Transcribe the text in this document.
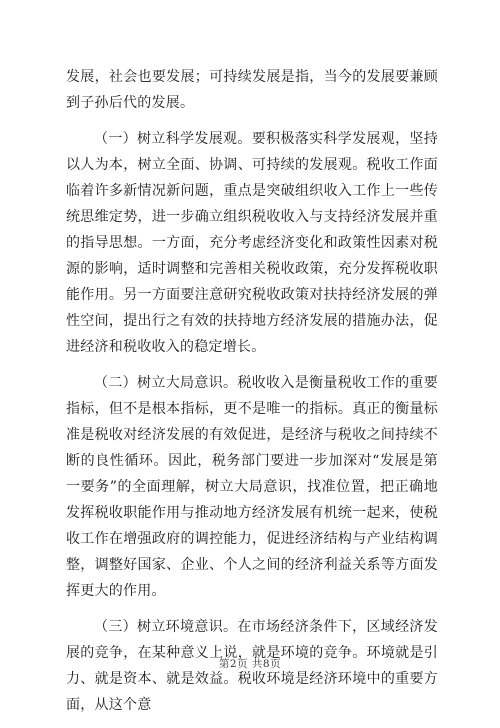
发展，社会也要发展；可持续发展是指，当今的发展要兼顾到子孙后代的发展。

（一）树立科学发展观。要积极落实科学发展观，坚持以人为本，树立全面、协调、可持续的发展观。税收工作面临着许多新情况新问题，重点是突破组织收入工作上一些传统思维定势，进一步确立组织税收收入与支持经济发展并重的指导思想。一方面，充分考虑经济变化和政策性因素对税源的影响，适时调整和完善相关税收政策，充分发挥税收职能作用。另一方面要注意研究税收政策对扶持经济发展的弹性空间，提出行之有效的扶持地方经济发展的措施办法，促进经济和税收收入的稳定增长。

（二）树立大局意识。税收收入是衡量税收工作的重要指标，但不是根本指标，更不是唯一的指标。真正的衡量标准是税收对经济发展的有效促进，是经济与税收之间持续不断的良性循环。因此，税务部门要进一步加深对“发展是第一要务”的全面理解，树立大局意识，找准位置，把正确地发挥税收职能作用与推动地方经济发展有机统一起来，使税收工作在增强政府的调控能力，促进经济结构与产业结构调整，调整好国家、企业、个人之间的经济利益关系等方面发挥更大的作用。

（三）树立环境意识。在市场经济条件下，区域经济发展的竞争，在某种意义上说，就是环境的竞争。环境就是引力、就是资本、就是效益。税收环境是经济环境中的重要方面，从这个意

第2页 共8页
